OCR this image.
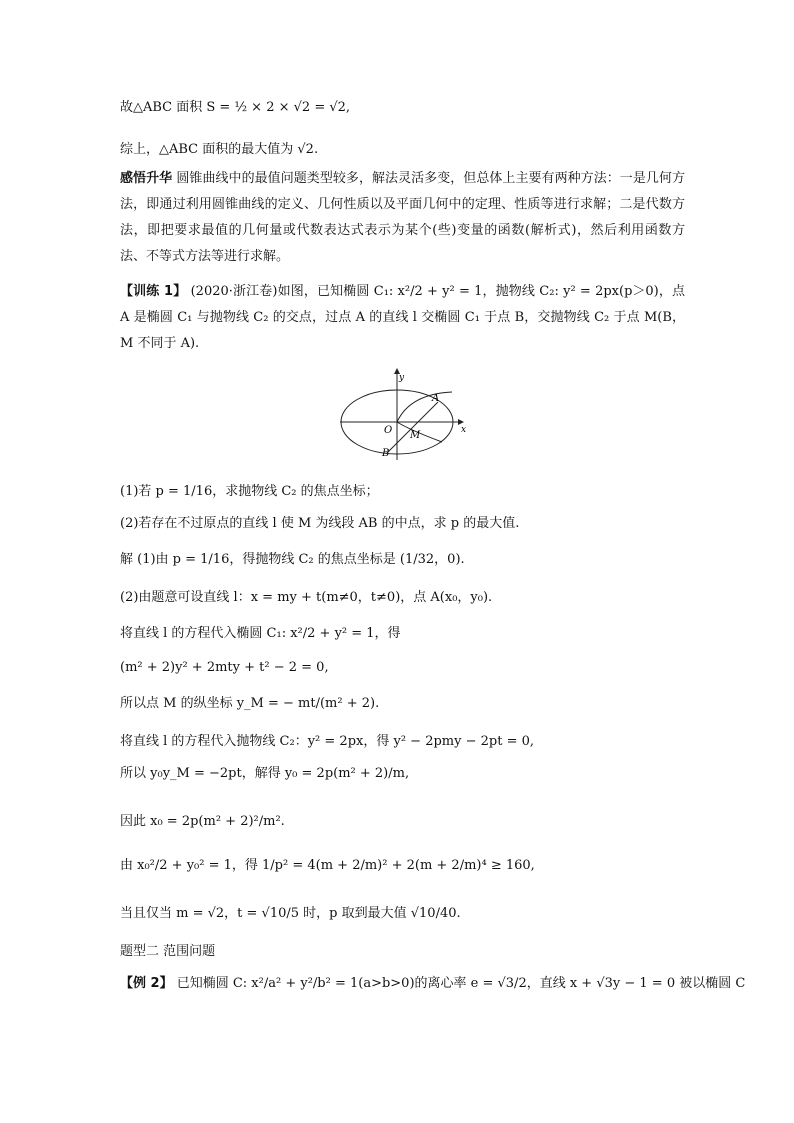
故△ABC 面积 S = ½ × 2 × √2 = √2,
综上，△ABC 面积的最大值为 √2.
感悟升华 圆锥曲线中的最值问题类型较多，解法灵活多变，但总体上主要有两种方法：一是几何方法，即通过利用圆锥曲线的定义、几何性质以及平面几何中的定理、性质等进行求解；二是代数方法，即把要求最值的几何量或代数表达式表示为某个(些)变量的函数(解析式)，然后利用函数方法、不等式方法等进行求解。
【训练 1】 (2020·浙江卷)如图，已知椭圆 C₁: x²/2 + y² = 1，抛物线 C₂: y² = 2px(p＞0)，点 A 是椭圆 C₁ 与抛物线 C₂ 的交点，过点 A 的直线 l 交椭圆 C₁ 于点 B，交抛物线 C₂ 于点 M(B，M 不同于 A).
y
x
O
A
M
B
(1)若 p = 1/16，求抛物线 C₂ 的焦点坐标；
(2)若存在不过原点的直线 l 使 M 为线段 AB 的中点，求 p 的最大值.
解 (1)由 p = 1/16，得抛物线 C₂ 的焦点坐标是 (1/32，0).
(2)由题意可设直线 l：x = my + t(m≠0，t≠0)，点 A(x₀，y₀).
将直线 l 的方程代入椭圆 C₁: x²/2 + y² = 1，得
(m² + 2)y² + 2mty + t² − 2 = 0,
所以点 M 的纵坐标 y_M = − mt/(m² + 2).
将直线 l 的方程代入抛物线 C₂：y² = 2px，得 y² − 2pmy − 2pt = 0,
所以 y₀y_M = −2pt，解得 y₀ = 2p(m² + 2)/m,
因此 x₀ = 2p(m² + 2)²/m².
由 x₀²/2 + y₀² = 1，得 1/p² = 4(m + 2/m)² + 2(m + 2/m)⁴ ≥ 160,
当且仅当 m = √2，t = √10/5 时，p 取到最大值 √10/40.
题型二 范围问题
【例 2】 已知椭圆 C: x²/a² + y²/b² = 1(a>b>0)的离心率 e = √3/2，直线 x + √3y − 1 = 0 被以椭圆 C
